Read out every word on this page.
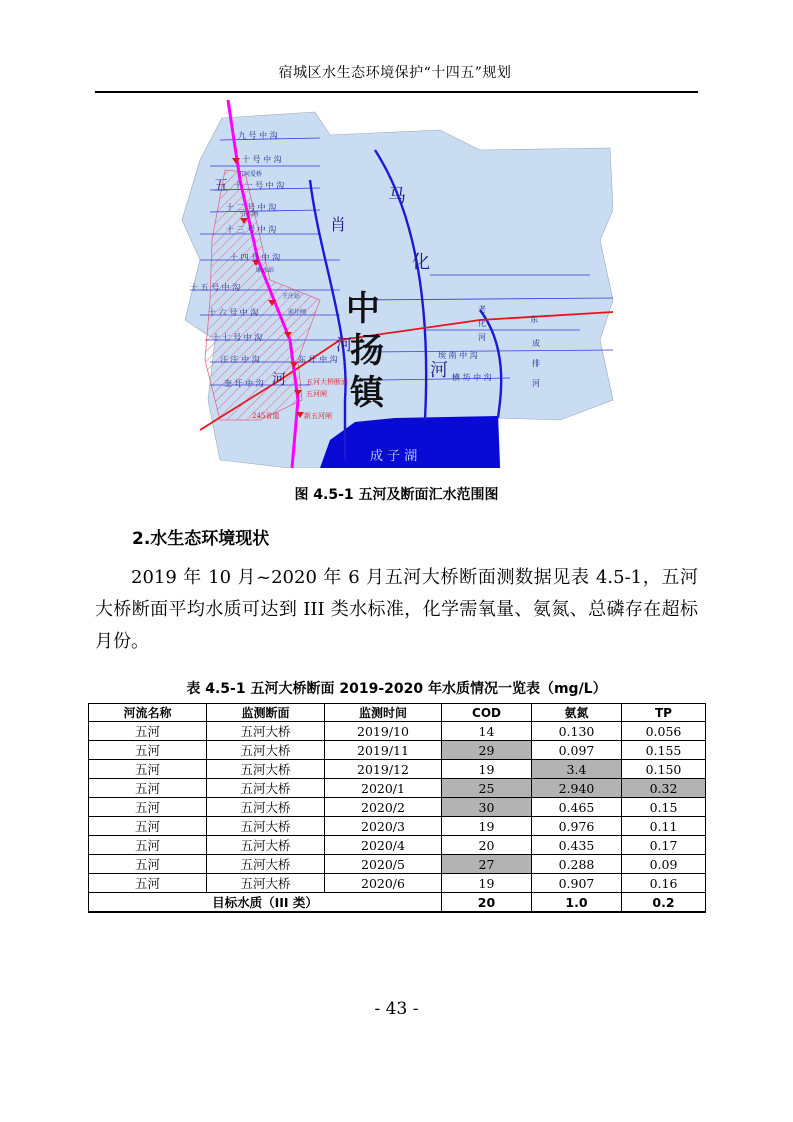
宿城区水生态环境保护“十四五”规划
九 号 中 沟
十 号 中 沟
五河爱桥
十 一 号 中 沟
十 二 号 中 沟
引水闸
十 三 号 中 沟
十 四 号 中 沟
耿永站
十 五 号 中 沟
王庄站
十 六 号 中 沟	前圩闸
十 七 号 中 沟
汪 庄 中 沟	东 圩 中 沟
奎 圩 中 沟
横 坊 中 沟
埃 南 中 沟
五河大桥断面
五河闸
245省道	新五河闸
五
河
肖
马
化
河
河
中
扬
镇
成 子 湖
老
化
河
东
成
排
河
图 4.5-1 五河及断面汇水范围图
2.水生态环境现状
2019 年 10 月~2020 年 6 月五河大桥断面测数据见表 4.5-1，五河大桥断面平均水质可达到 III 类水标准，化学需氧量、氨氮、总磷存在超标月份。
表 4.5-1 五河大桥断面 2019-2020 年水质情况一览表（mg/L）
河流名称	监测断面	监测时间	COD	氨氮	TP
五河	五河大桥	2019/10	14	0.130	0.056
五河	五河大桥	2019/11	29	0.097	0.155
五河	五河大桥	2019/12	19	3.4	0.150
五河	五河大桥	2020/1	25	2.940	0.32
五河	五河大桥	2020/2	30	0.465	0.15
五河	五河大桥	2020/3	19	0.976	0.11
五河	五河大桥	2020/4	20	0.435	0.17
五河	五河大桥	2020/5	27	0.288	0.09
五河	五河大桥	2020/6	19	0.907	0.16
目标水质（III 类）			20	1.0	0.2
- 43 -
